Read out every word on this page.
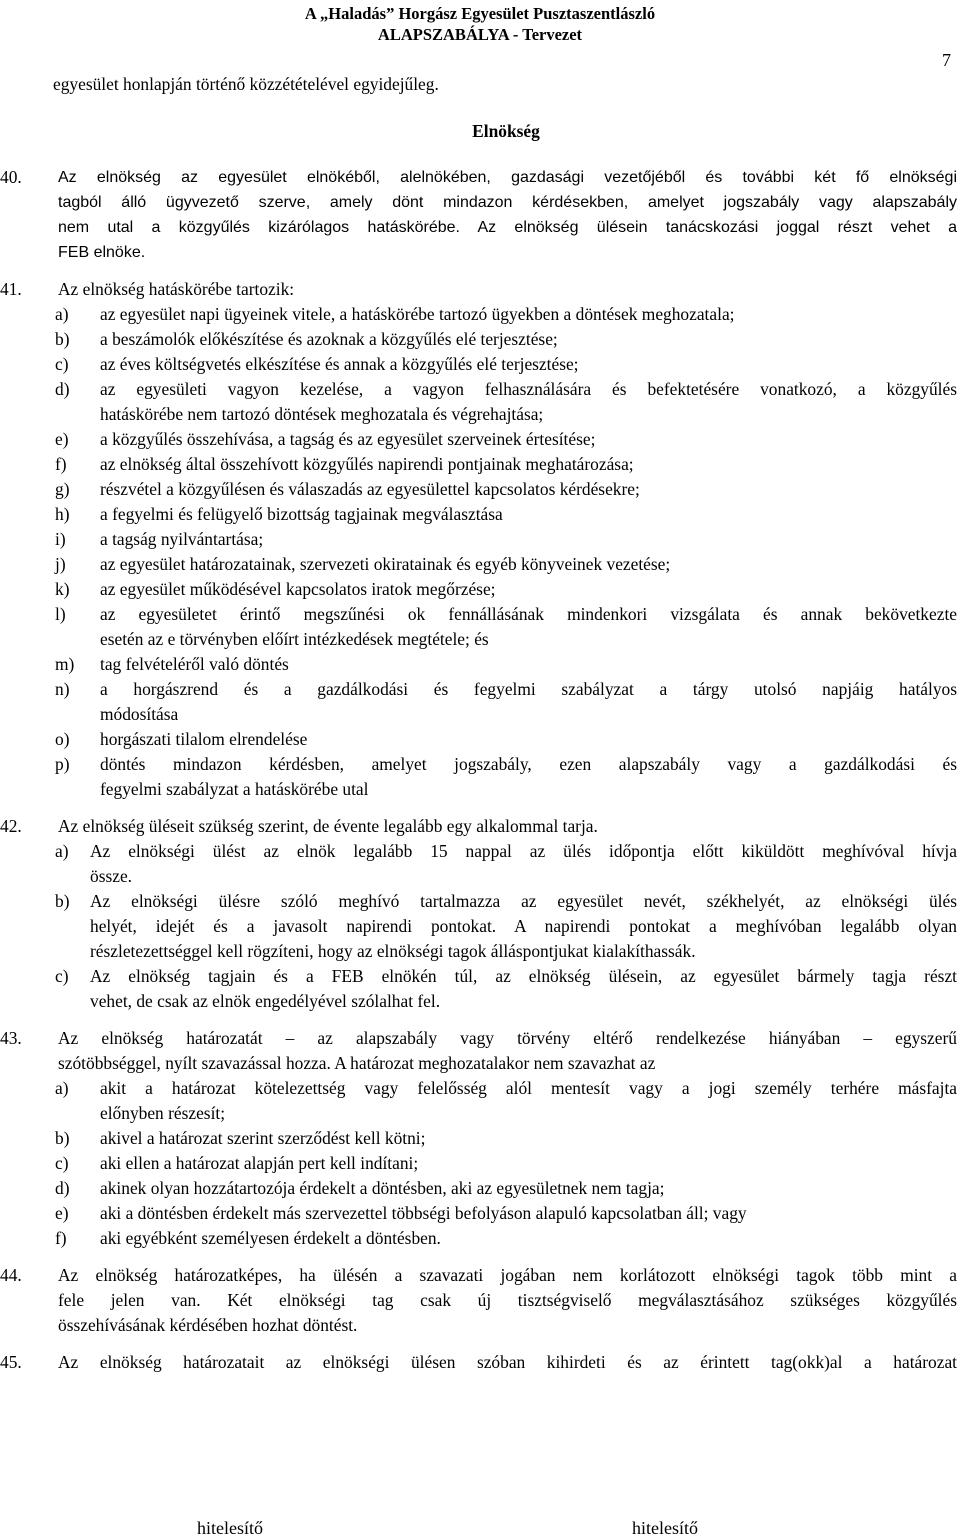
A „Haladás” Horgász Egyesület Pusztaszentlászló
ALAPSZABÁLYA - Tervezet
7
egyesület honlapján történő közzétételével egyidejűleg.
Elnökség
40. Az elnökség az egyesület elnökéből, alelnökében, gazdasági vezetőjéből és további két fő elnökségi
tagból álló ügyvezető szerve, amely dönt mindazon kérdésekben, amelyet jogszabály vagy alapszabály
nem utal a közgyűlés kizárólagos hatáskörébe. Az elnökség ülésein tanácskozási joggal részt vehet a
FEB elnöke.
41. Az elnökség hatáskörébe tartozik:
a) az egyesület napi ügyeinek vitele, a hatáskörébe tartozó ügyekben a döntések meghozatala;
b) a beszámolók előkészítése és azoknak a közgyűlés elé terjesztése;
c) az éves költségvetés elkészítése és annak a közgyűlés elé terjesztése;
d) az egyesületi vagyon kezelése, a vagyon felhasználására és befektetésére vonatkozó, a közgyűlés
hatáskörébe nem tartozó döntések meghozatala és végrehajtása;
e) a közgyűlés összehívása, a tagság és az egyesület szerveinek értesítése;
f) az elnökség által összehívott közgyűlés napirendi pontjainak meghatározása;
g) részvétel a közgyűlésen és válaszadás az egyesülettel kapcsolatos kérdésekre;
h) a fegyelmi és felügyelő bizottság tagjainak megválasztása
i) a tagság nyilvántartása;
j) az egyesület határozatainak, szervezeti okiratainak és egyéb könyveinek vezetése;
k) az egyesület működésével kapcsolatos iratok megőrzése;
l) az egyesületet érintő megszűnési ok fennállásának mindenkori vizsgálata és annak bekövetkezte
esetén az e törvényben előírt intézkedések megtétele; és
m) tag felvételéről való döntés
n) a horgászrend és a gazdálkodási és fegyelmi szabályzat a tárgy utolsó napjáig hatályos
módosítása
o) horgászati tilalom elrendelése
p) döntés mindazon kérdésben, amelyet jogszabály, ezen alapszabály vagy a gazdálkodási és
fegyelmi szabályzat a hatáskörébe utal
42. Az elnökség üléseit szükség szerint, de évente legalább egy alkalommal tarja.
a) Az elnökségi ülést az elnök legalább 15 nappal az ülés időpontja előtt kiküldött meghívóval hívja
össze.
b) Az elnökségi ülésre szóló meghívó tartalmazza az egyesület nevét, székhelyét, az elnökségi ülés
helyét, idejét és a javasolt napirendi pontokat. A napirendi pontokat a meghívóban legalább olyan
részletezettséggel kell rögzíteni, hogy az elnökségi tagok álláspontjukat kialakíthassák.
c) Az elnökség tagjain és a FEB elnökén túl, az elnökség ülésein, az egyesület bármely tagja részt
vehet, de csak az elnök engedélyével szólalhat fel.
43. Az elnökség határozatát – az alapszabály vagy törvény eltérő rendelkezése hiányában – egyszerű
szótöbbséggel, nyílt szavazással hozza. A határozat meghozatalakor nem szavazhat az
a) akit a határozat kötelezettség vagy felelősség alól mentesít vagy a jogi személy terhére másfajta
előnyben részesít;
b) akivel a határozat szerint szerződést kell kötni;
c) aki ellen a határozat alapján pert kell indítani;
d) akinek olyan hozzátartozója érdekelt a döntésben, aki az egyesületnek nem tagja;
e) aki a döntésben érdekelt más szervezettel többségi befolyáson alapuló kapcsolatban áll; vagy
f) aki egyébként személyesen érdekelt a döntésben.
44. Az elnökség határozatképes, ha ülésén a szavazati jogában nem korlátozott elnökségi tagok több mint a
fele jelen van. Két elnökségi tag csak új tisztségviselő megválasztásához szükséges közgyűlés
összehívásának kérdésében hozhat döntést.
45. Az elnökség határozatait az elnökségi ülésen szóban kihirdeti és az érintett tag(okk)al a határozat
hitelesítő	hitelesítő
